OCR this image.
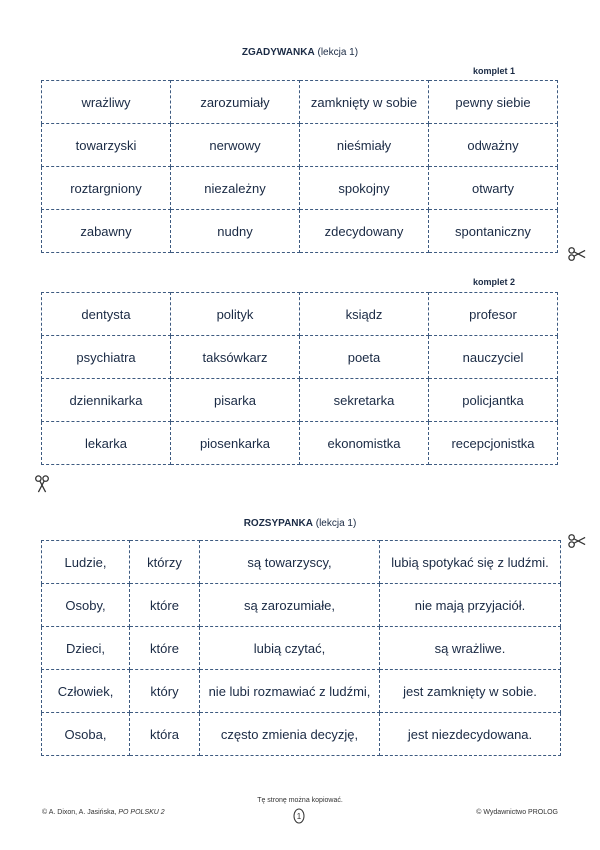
ZGADYWANKA (lekcja 1)
komplet 1
wrażliwy	zarozumiały	zamknięty w sobie	pewny siebie
towarzyski	nerwowy	nieśmiały	odważny
roztargniony	niezależny	spokojny	otwarty
zabawny	nudny	zdecydowany	spontaniczny
komplet 2
dentysta	polityk	ksiądz	profesor
psychiatra	taksówkarz	poeta	nauczyciel
dziennikarka	pisarka	sekretarka	policjantka
lekarka	piosenkarka	ekonomistka	recepcjonistka
ROZSYPANKA (lekcja 1)
Ludzie,	którzy	są towarzyscy,	lubią spotykać się z ludźmi.
Osoby,	które	są zarozumiałe,	nie mają przyjaciół.
Dzieci,	które	lubią czytać,	są wrażliwe.
Człowiek,	który	nie lubi rozmawiać z ludźmi,	jest zamknięty w sobie.
Osoba,	która	często zmienia decyzję,	jest niezdecydowana.
© A. Dixon, A. Jasińska, PO POLSKU 2
Tę stronę można kopiować.
© Wydawnictwo PROLOG
1
